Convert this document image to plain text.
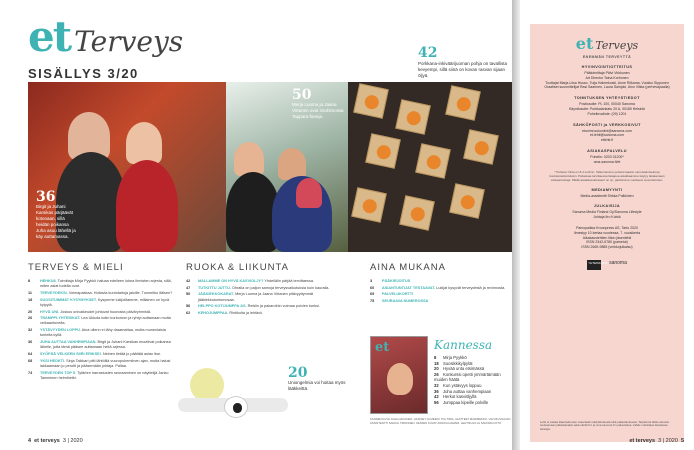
et Terveys
SISÄLLYS 3/20
42
Porkkana-inkiväärijuoman pohja on tavallista kevyempi, sillä siinä on kovan rasvan sijaan öljyä.
36
Birgit ja Juhani Karsikas pärjäävät kotonaan, sillä heidän poikansa Juha asuu lähellä ja käy auttamassa.
50
Merja Luoma ja Jaana Virtanen ovat intohimoisia Tappara-faneja.
TERVEYS & MIELI
8	HEHKU8. Toimittaja Mirja Pyykkö haluaa edelleen lukea ihmisten arjesta, sillä, miten asiat todella ovat.
11	TERVEYDEKSI. Voimapakkaa. Hoitavia kuntotaitoja jaloille. Tunneitko itäisen?
18	SUOSITUIMMAT KYSYMYKSET. Kysymme lukijoiltamme, millainen on hyvä kylpylä.
20	HYVÄ UNI. Joskus univaikeudet johtuvat huonosta päiväryhmistä.
26	TRAMPPI-YHTEISKAT. Lea Ukkola kotin korkoruon ja ryhtyi auttamaan muita velkaantuneita.
32	YSTÄVYYDEN LOPPU. Aina ollenn ei lähy draamattaa, mutta monenlaisia tunteita kyllä.
36	JUHA AUTTAA VANHEMPIAAN. Birgit ja Juhani Karsikas muuttivat poikansa lähelle, jotta tämä pääsee auttamaan heitä arjessa.
64	SYÖPÄÄ VELKEEN SIIRI ERIKSEI. Neinen tietää jo päättää asian itse.
68	YKSI HEDKTI. Sinja Talkkari pitti lähtöillä vuoropuhemiinen ajan, mutta halusi lakkaamaan jo perutti ja pääsemään johtaja. Pallaa.
74	TERVEYDEN TOP 5. Tytärten harrastusten seuraaminen on näyttelijä Janko Tamminen helmihetki.
RUOKA & LIIKUNTA
42	MALLAMME ON HYVÄ KASVIOLJY? Yhdellälin pärjää tervittaessa.
47	TUTKITTU JUTTU. Ohralla on paljon samoja terveysvaikutuksia kuin kauralla.
50	JÄÄKIEKKOKARAT. Merja Luoma ja Jaana Virtanen pitävyyttynmät jääkiekkotuntomosaa.
56	HELPPO KOTIJUMPPA 2/6. Reisiin ja pakaroihin voimaa polvien tueksi.
62	KEHOJUMPPAA. Rintikoita ja lehtävii.
AINA MUKANA
3	PÄÄKIRJOITUS
60	ASIANTUNTIJAT TESTAAVAT. Lukijat kysyvät terveydestä ja revinnosta.
69	PALVELUKORTTI
75	SEURAAVA NUMEROSSA
20
Uniongelmia voi hoitaa myös lääkkeittä.
et	Kannessa
8 Mirja Pyykkö
18 Suosikkikylpylät
20 Hyvää unta etsimässä
26 Konkurssi opetti ymmärtämään muiden häätä
32 Kun ystävyys loppuu
36 Juha auttaa vanhempiaan
42 Herkut kasviöljyllä
56 Jumppaa kipeille polville
KANNEN KUVA JUHA HAKONEN, HIUKSET JA MEIKKI TIIA TIIRA, VAATTEET MARIMEKKO, VALOKUVAAJAN ASSISTENTTI SAMULI TIRRONEN, MUIDEN KUVAT ANNIKA HAMARI, LEHTIKUVA JA SANOMA FOTO
4 et terveys 3 | 2020
et Terveys
ENEMMÄN TERVEYTTÄ
HYVINVOINTIOTTEITUS
Päätoimittaja Päivi Virkkunen
Art Director Taina Korhonen
Tuottajat Marja-Liisa Husso, Tuija Halmekoski, Anne Riikama, Vuokko Sipponen
Graafiset suunnittelijat Rasi Saarinen, Laura Sainjoki, Aino Vilsta (perhevapaalla)
TOIMITUKSEN YHTEYSTIEDOT
Postiosoite: PL 100, 00040 Sanoma
Käyntiosoite: Porkkalankatu 20 A, 00180 Helsinki
Puhelinvaihde: (09) 1201
SÄHKÖPOSTI ja VERKKOSIVUT
etunimi.sukunimi@sanoma.com
et-lehti@sanoma.com
etlehti.fi
ASIAKASPALVELU
Puhelin: 0203 31200*
oma.sanoma.fi/et
* Puhelun hinta on 8,4 snt/min. Tallennamme puhelut laadun varmistamiseksi ja koulutustarkoituksiin. Palveluaa tarvittaessa lisäapua asiakkaamme käytyy lakatamaan vastaanottoaja. Mikäli asiakaseskitusauri on vp, pävitämme vuotiteesi suunnitelmien.
MEDIAMYYNTI
Media-assistentti Sirkka Pulkkinen
JULKAISIJA
Sanoma Media Finland Oy/Sanoma Lifestyle
Johtaja Ilro Kulvik
Painopaikka Kroonpress AS, Tarto 2020
Ilmestyy 10 kertaa vuodessa, 7. vuosikerta
Aikakauslehtien liiton jäsenlehti
ISSN 2342-6780 (painetut)
ISSN 2669-9885 (verkkojulkaisu)
YHTEISKIRJA sanoma
Lehti ei vastaa tilaamattomien materiaalin säilyttämisestä eikä palauttamisesta. Tarjotta tai tilattu aineisto tuotteamaan julkaistavaksi sekä etlehti.fi:n ja oma.sanoma.fi:n palveluissa. Lähde mainittava lainatessa tekstejä.
et terveys 3 | 2020 5
